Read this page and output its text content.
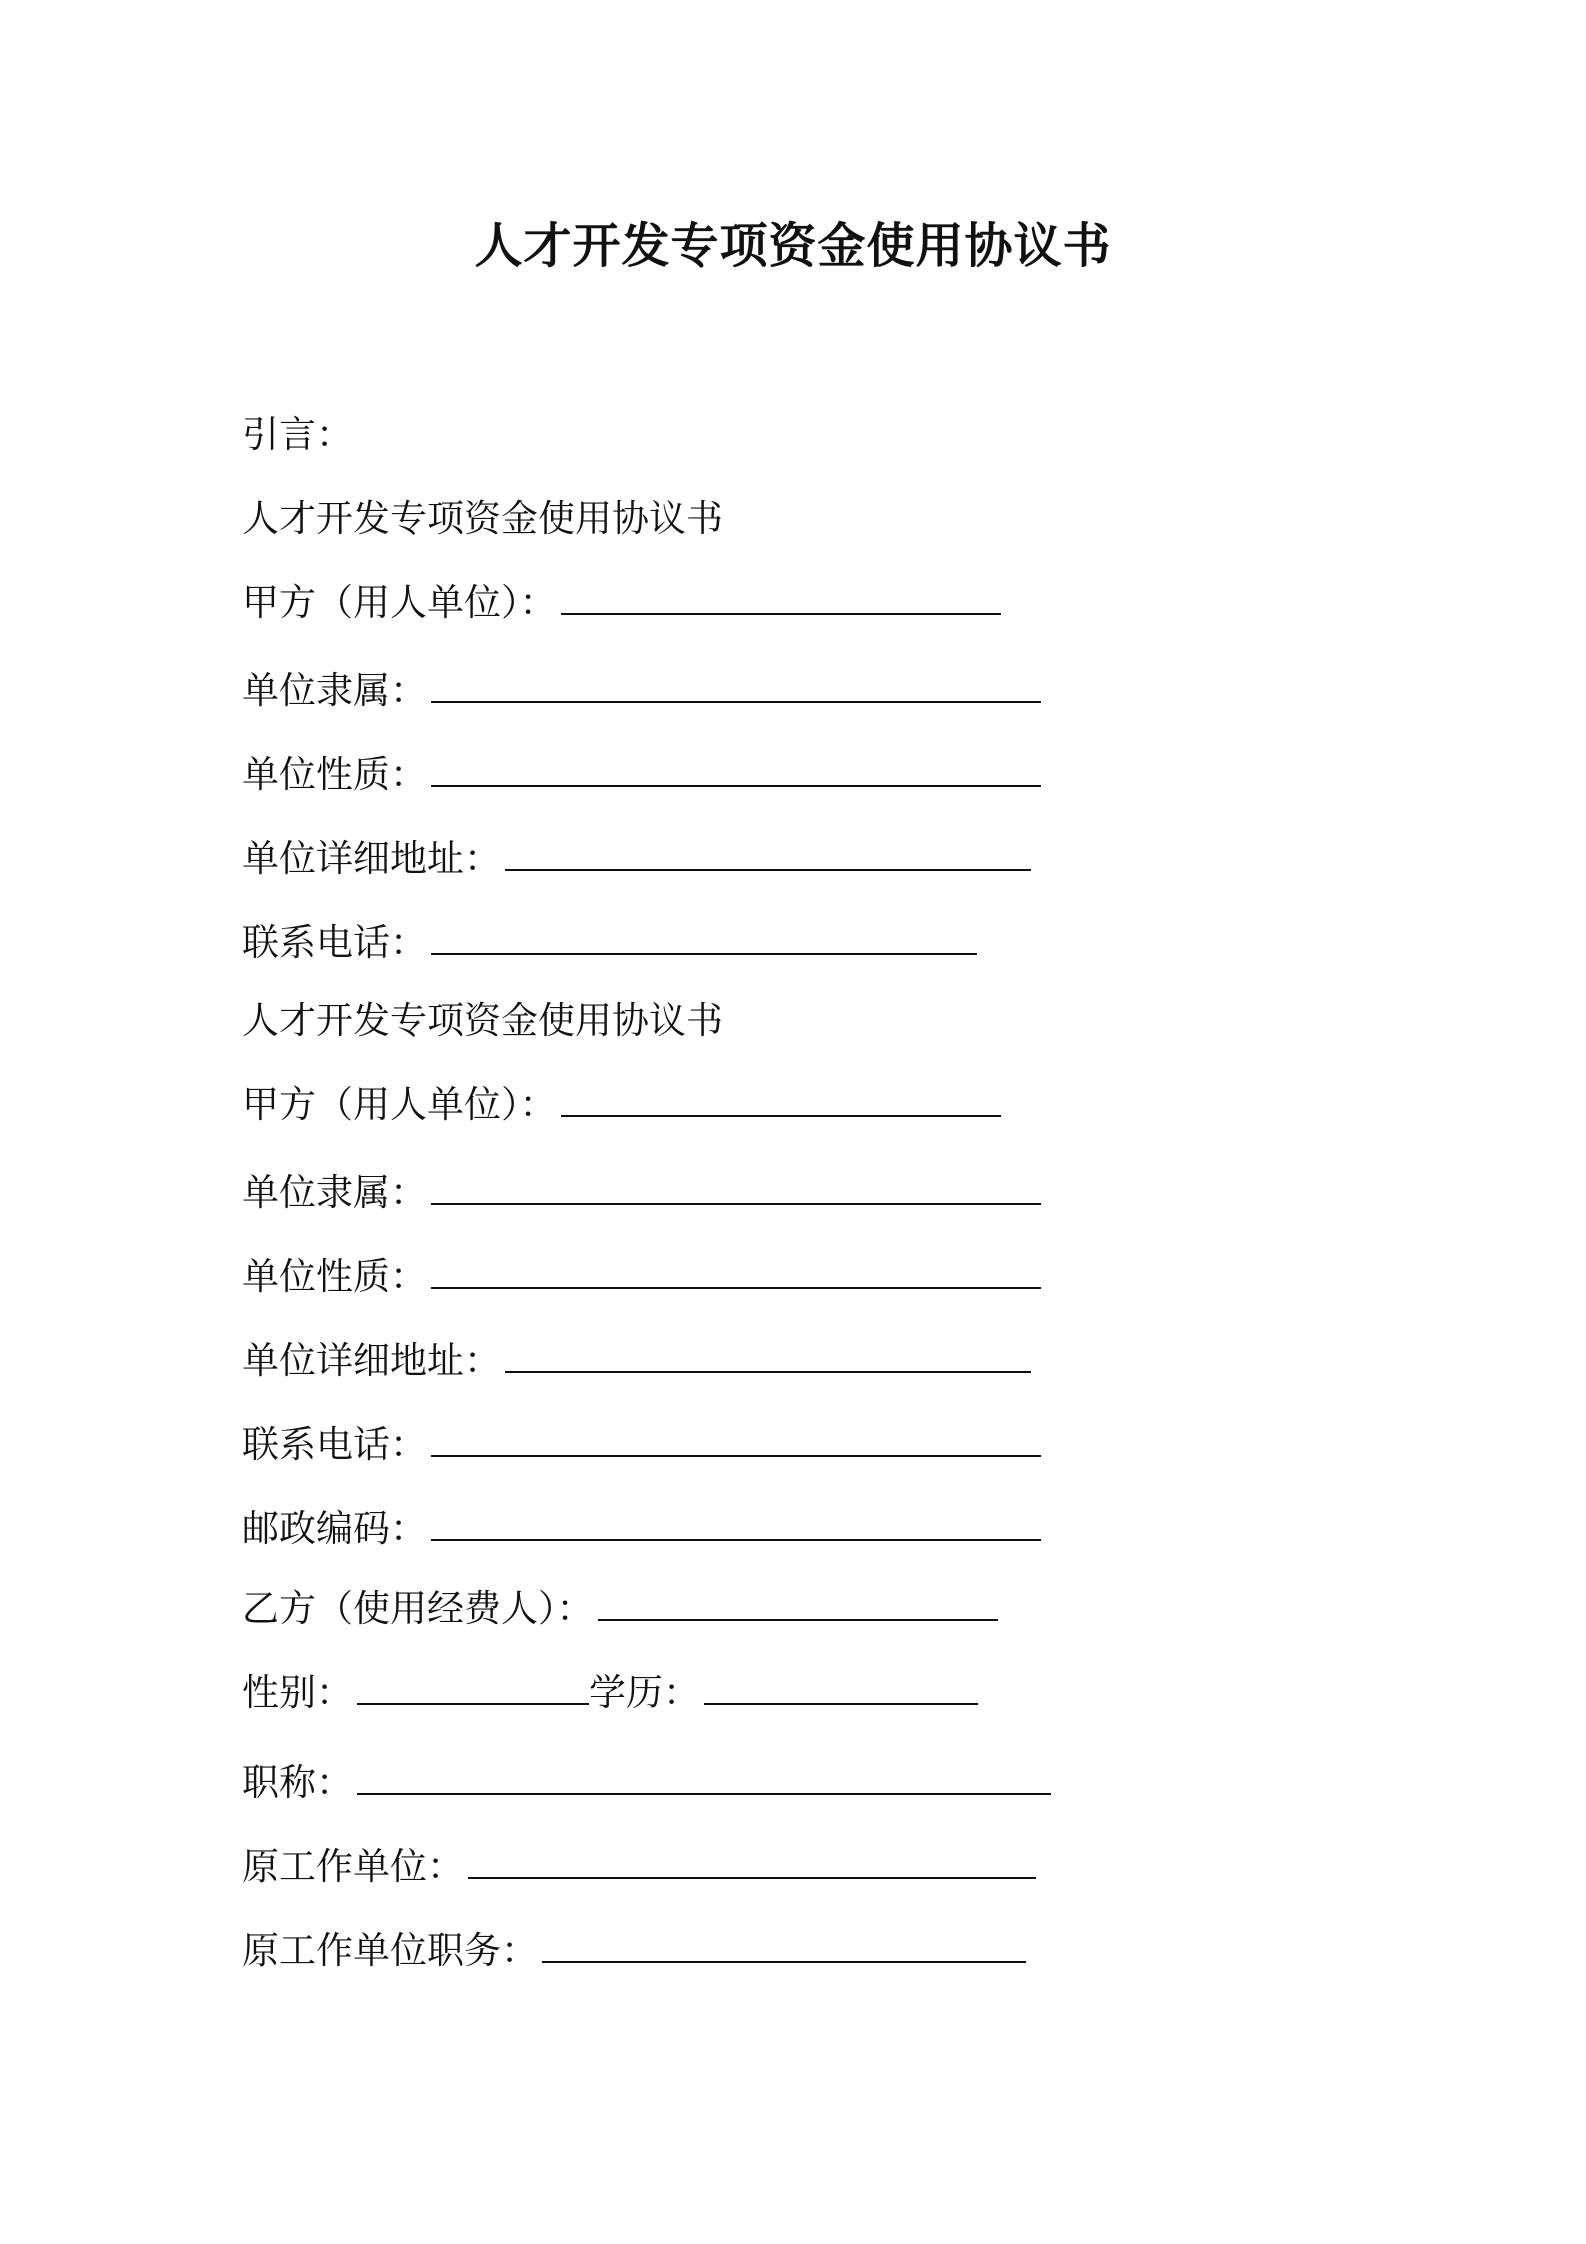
人才开发专项资金使用协议书
引言：
人才开发专项资金使用协议书
甲方（用人单位）：
单位隶属：
单位性质：
单位详细地址：
联系电话：
人才开发专项资金使用协议书
甲方（用人单位）：
单位隶属：
单位性质：
单位详细地址：
联系电话：
邮政编码：
乙方（使用经费人）：
性别：	学历：
职称：
原工作单位：
原工作单位职务：
